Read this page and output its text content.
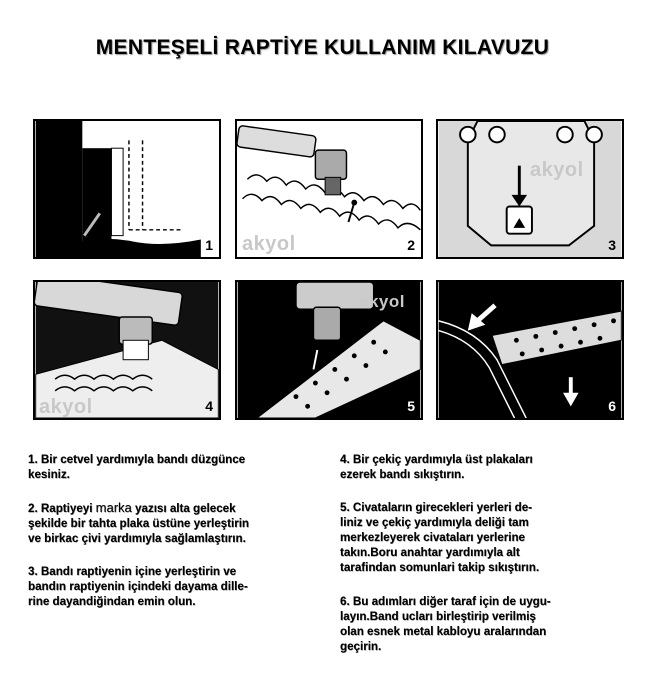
MENTEŞELİ RAPTİYE KULLANIM KILAVUZU
1 akyol	2
akyol
3
akyol	4
akyol
5	6
1. Bir cetvel yardımıyla bandı düzgünce
kesiniz.
2. Raptiyeyi marka yazısı alta gelecek
şekilde bir tahta plaka üstüne yerleştirin
ve birkac çivi yardımıyla sağlamlaştırın.
3. Bandı raptiyenin içine yerleştirin ve
bandın raptiyenin içindeki dayama dille-
rine dayandiğindan emin olun.
4. Bir çekiç yardımıyla üst plakaları
ezerek bandı sıkıştırın.
5. Civataların girecekleri yerleri de-
liniz ve çekiç yardımıyla deliği tam
merkezleyerek civataları yerlerine
takın.Boru anahtar yardımıyla alt
tarafindan somunlari takip sıkıştırın.
6. Bu adımları diğer taraf için de uygu-
layın.Band ucları birleştirip verilmiş
olan esnek metal kabloyu aralarından
geçirin.
